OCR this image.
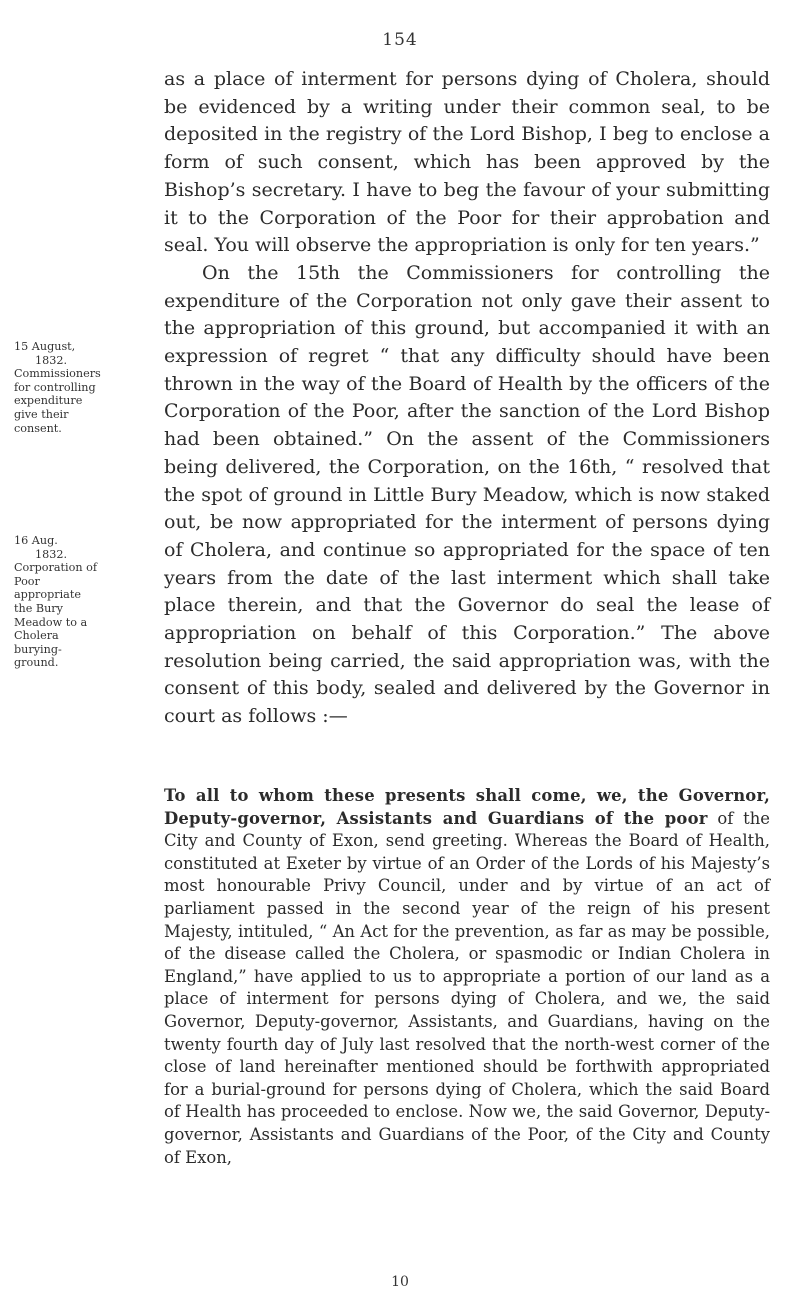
154

as a place of interment for persons dying of Cholera, should be evidenced by a writing under their common seal, to be deposited in the registry of the Lord Bishop, I beg to enclose a form of such consent, which has been approved by the Bishop’s secretary. I have to beg the favour of your submitting it to the Corporation of the Poor for their approbation and seal. You will observe the appropriation is only for ten years.”

On the 15th the Commissioners for controlling the expenditure of the Corporation not only gave their assent to the appropriation of this ground, but accompanied it with an expression of regret “ that any difficulty should have been thrown in the way of the Board of Health by the officers of the Corporation of the Poor, after the sanction of the Lord Bishop had been obtained.” On the assent of the Commissioners being delivered, the Corporation, on the 16th, “ resolved that the spot of ground in Little Bury Meadow, which is now staked out, be now appropriated for the interment of persons dying of Cholera, and continue so appropriated for the space of ten years from the date of the last interment which shall take place therein, and that the Governor do seal the lease of appropriation on behalf of this Corporation.” The above resolution being carried, the said appropriation was, with the consent of this body, sealed and delivered by the Governor in court as follows :—

15 August,
1832.
Commissioners for controlling expenditure give their consent.
16 Aug.
1832.
Corporation of Poor appropriate the Bury Meadow to a Cholera burying-ground.
To all to whom these presents shall come, we, the Governor, Deputy-governor, Assistants and Guardians of the poor of the City and County of Exon, send greeting. Whereas the Board of Health, constituted at Exeter by virtue of an Order of the Lords of his Majesty’s most honourable Privy Council, under and by virtue of an act of parliament passed in the second year of the reign of his present Majesty, intituled, “ An Act for the prevention, as far as may be possible, of the disease called the Cholera, or spasmodic or Indian Cholera in England,” have applied to us to appropriate a portion of our land as a place of interment for persons dying of Cholera, and we, the said Governor, Deputy-governor, Assistants, and Guardians, having on the twenty fourth day of July last resolved that the north-west corner of the close of land hereinafter mentioned should be forthwith appropriated for a burial-ground for persons dying of Cholera, which the said Board of Health has proceeded to enclose. Now we, the said Governor, Deputy-governor, Assistants and Guardians of the Poor, of the City and County of Exon,
10
